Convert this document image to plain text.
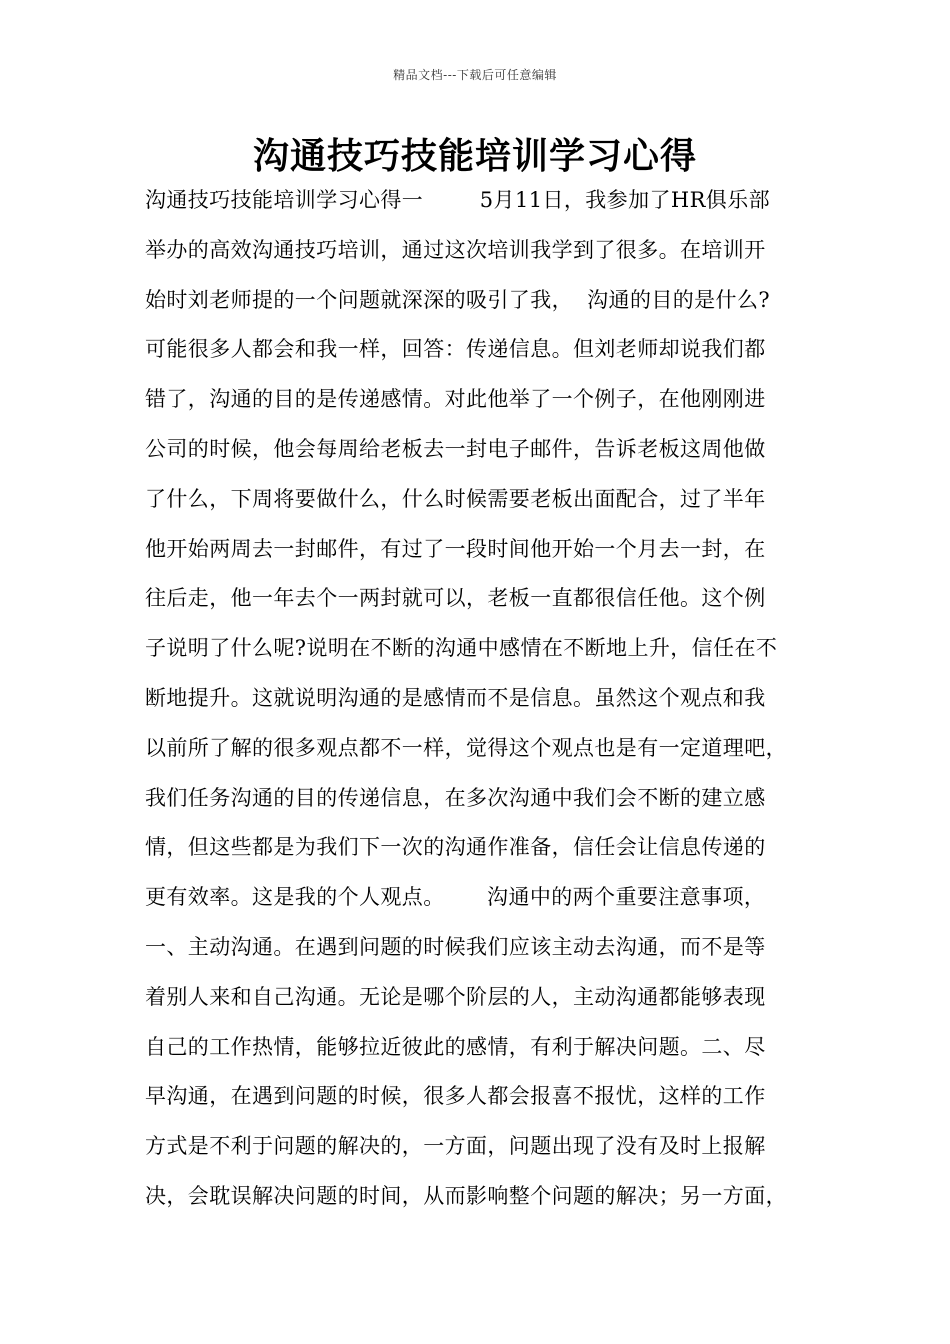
精品文档---下载后可任意编辑
沟通技巧技能培训学习心得
沟通技巧技能培训学习心得一        5月11日，我参加了HR俱乐部
举办的高效沟通技巧培训，通过这次培训我学到了很多。在培训开
始时刘老师提的一个问题就深深的吸引了我，  沟通的目的是什么?
可能很多人都会和我一样，回答：传递信息。但刘老师却说我们都
错了，沟通的目的是传递感情。对此他举了一个例子，在他刚刚进
公司的时候，他会每周给老板去一封电子邮件，告诉老板这周他做
了什么，下周将要做什么，什么时候需要老板出面配合，过了半年
他开始两周去一封邮件，有过了一段时间他开始一个月去一封，在
往后走，他一年去个一两封就可以，老板一直都很信任他。这个例
子说明了什么呢?说明在不断的沟通中感情在不断地上升，信任在不
断地提升。这就说明沟通的是感情而不是信息。虽然这个观点和我
以前所了解的很多观点都不一样，觉得这个观点也是有一定道理吧，
我们任务沟通的目的传递信息，在多次沟通中我们会不断的建立感
情，但这些都是为我们下一次的沟通作准备，信任会让信息传递的
更有效率。这是我的个人观点。      沟通中的两个重要注意事项，
一、主动沟通。在遇到问题的时候我们应该主动去沟通，而不是等
着别人来和自己沟通。无论是哪个阶层的人，主动沟通都能够表现
自己的工作热情，能够拉近彼此的感情，有利于解决问题。二、尽
早沟通，在遇到问题的时候，很多人都会报喜不报忧，这样的工作
方式是不利于问题的解决的，一方面，问题出现了没有及时上报解
决，会耽误解决问题的时间，从而影响整个问题的解决；另一方面，
